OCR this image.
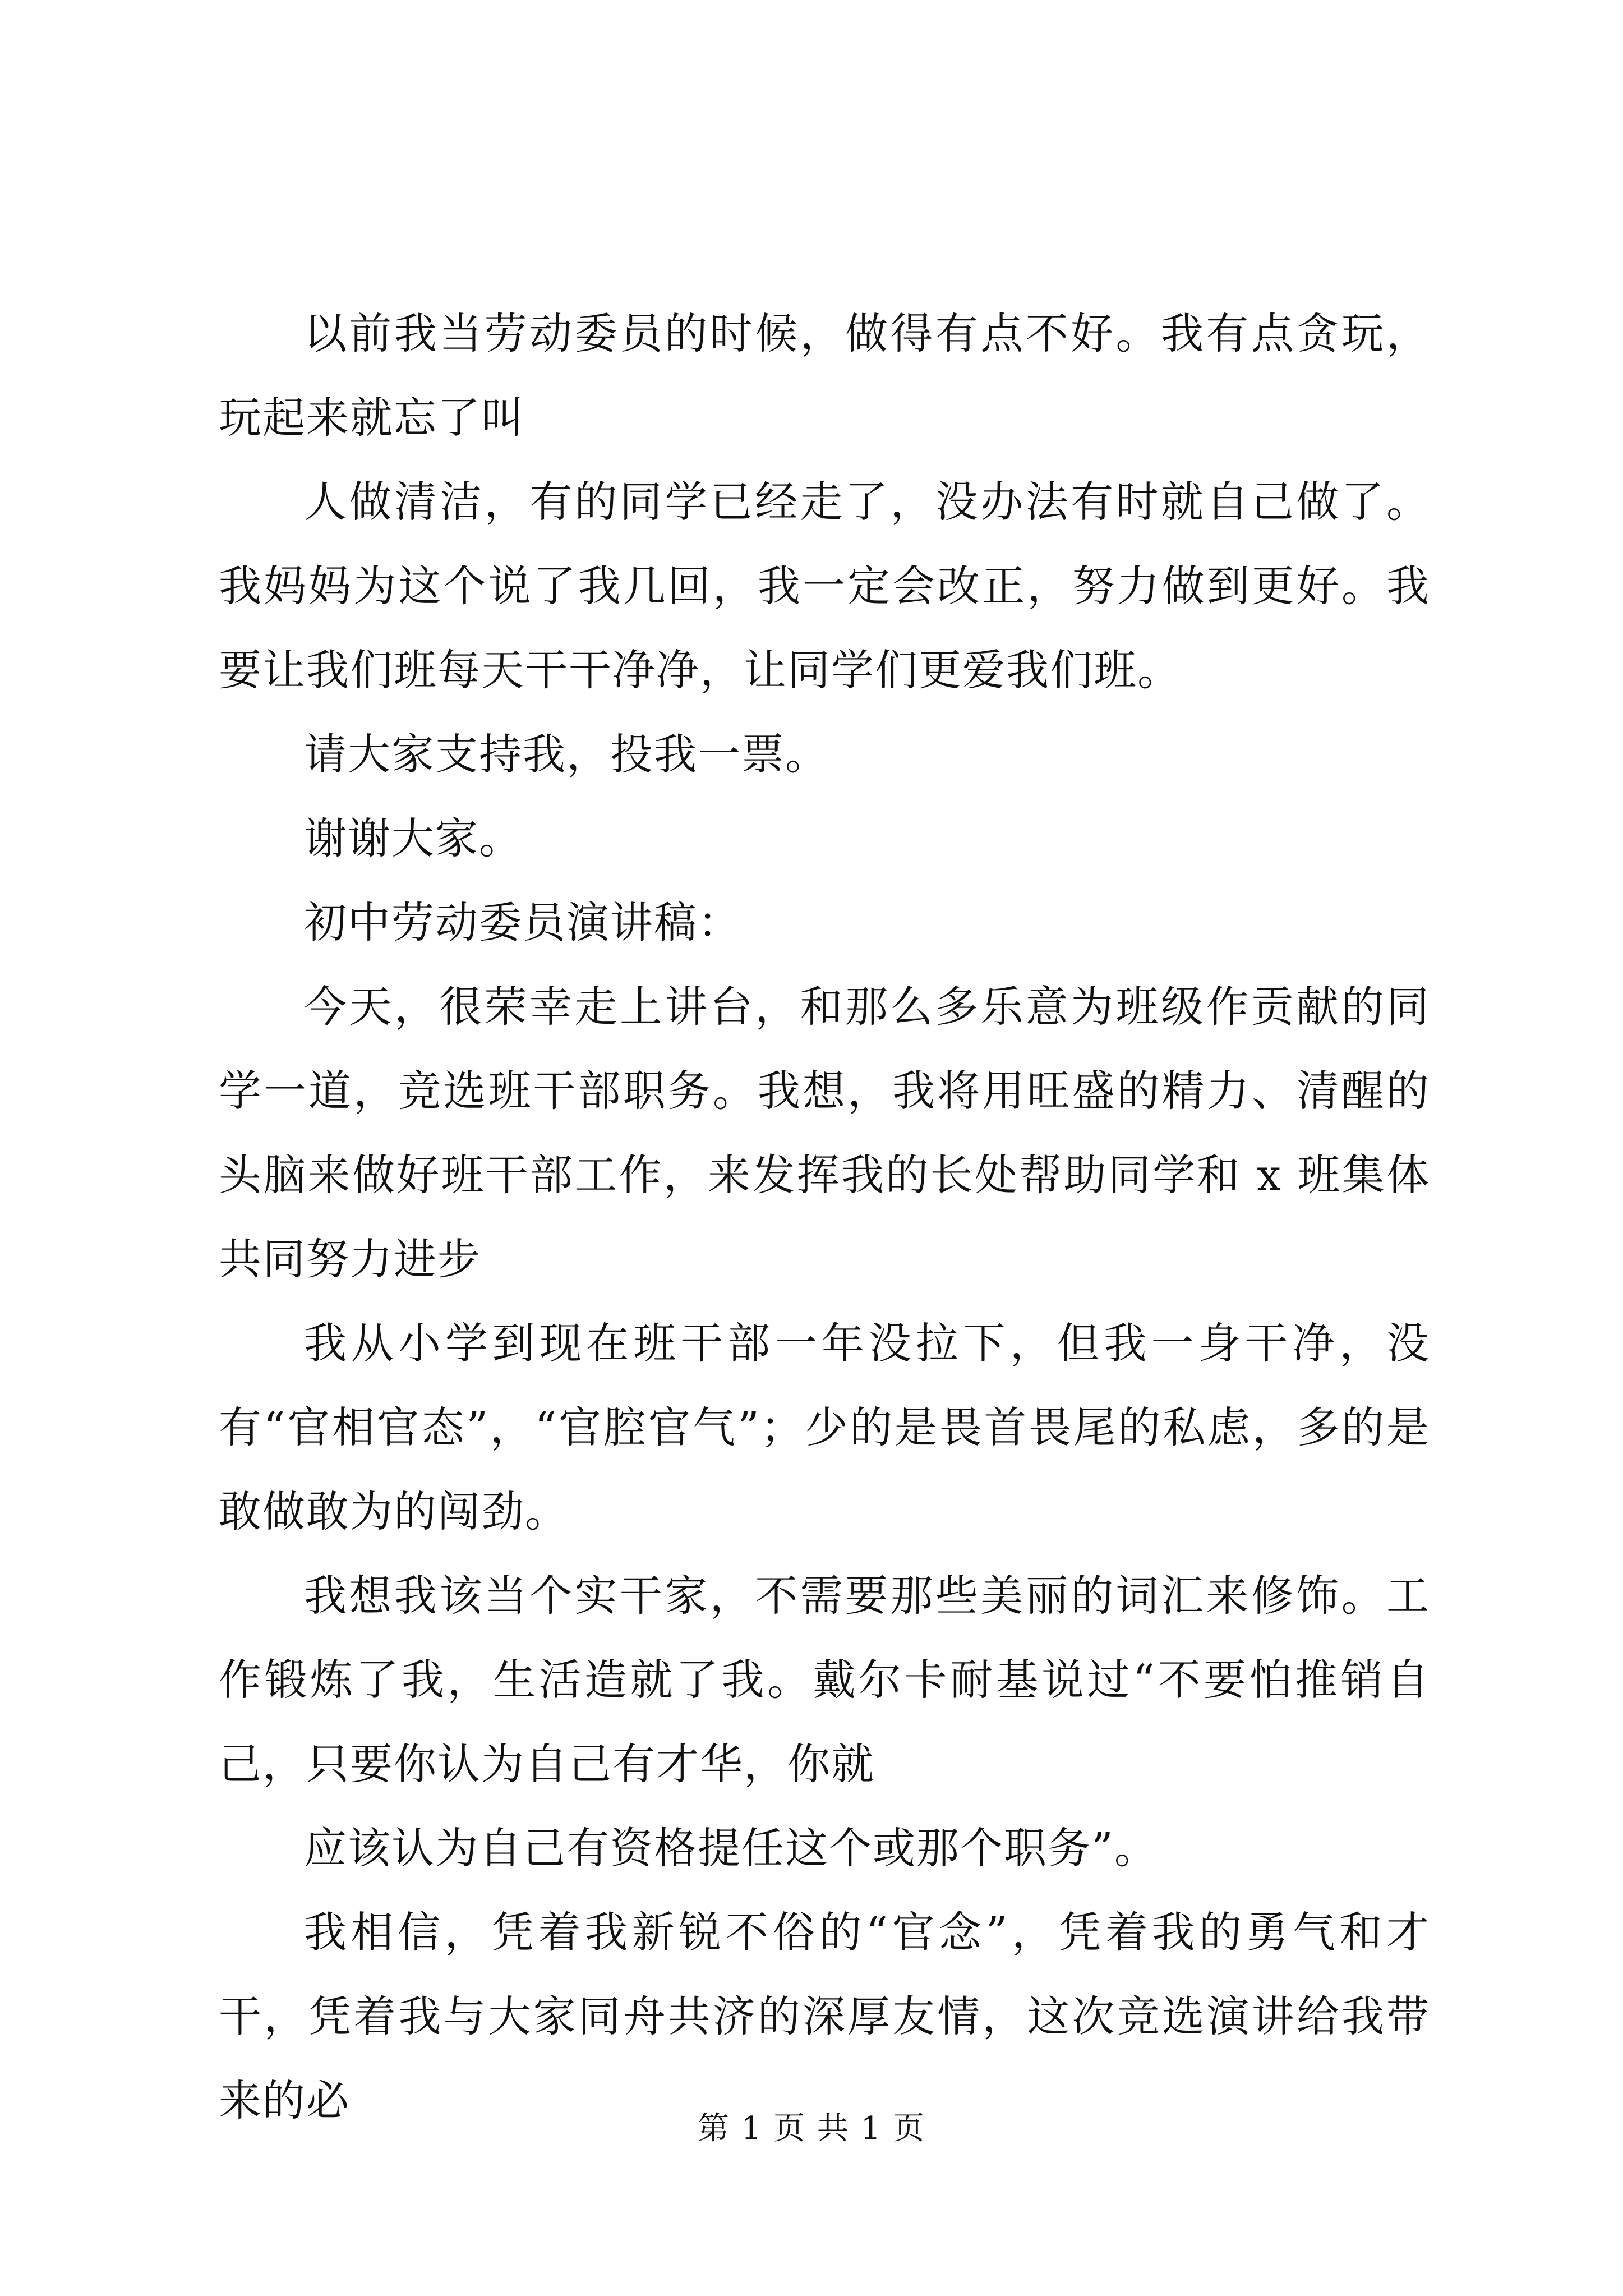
以前我当劳动委员的时候，做得有点不好。我有点贪玩，玩起来就忘了叫

人做清洁，有的同学已经走了，没办法有时就自己做了。我妈妈为这个说了我几回，我一定会改正，努力做到更好。我要让我们班每天干干净净，让同学们更爱我们班。

请大家支持我，投我一票。

谢谢大家。

初中劳动委员演讲稿：

今天，很荣幸走上讲台，和那么多乐意为班级作贡献的同学一道，竞选班干部职务。我想，我将用旺盛的精力、清醒的头脑来做好班干部工作，来发挥我的长处帮助同学和 x 班集体共同努力进步

我从小学到现在班干部一年没拉下，但我一身干净，没有“官相官态”，“官腔官气”；少的是畏首畏尾的私虑，多的是敢做敢为的闯劲。

我想我该当个实干家，不需要那些美丽的词汇来修饰。工作锻炼了我，生活造就了我。戴尔卡耐基说过“不要怕推销自己，只要你认为自己有才华，你就

应该认为自己有资格提任这个或那个职务”。

我相信，凭着我新锐不俗的“官念”，凭着我的勇气和才干，凭着我与大家同舟共济的深厚友情，这次竞选演讲给我带来的必

第 1 页 共 1 页
